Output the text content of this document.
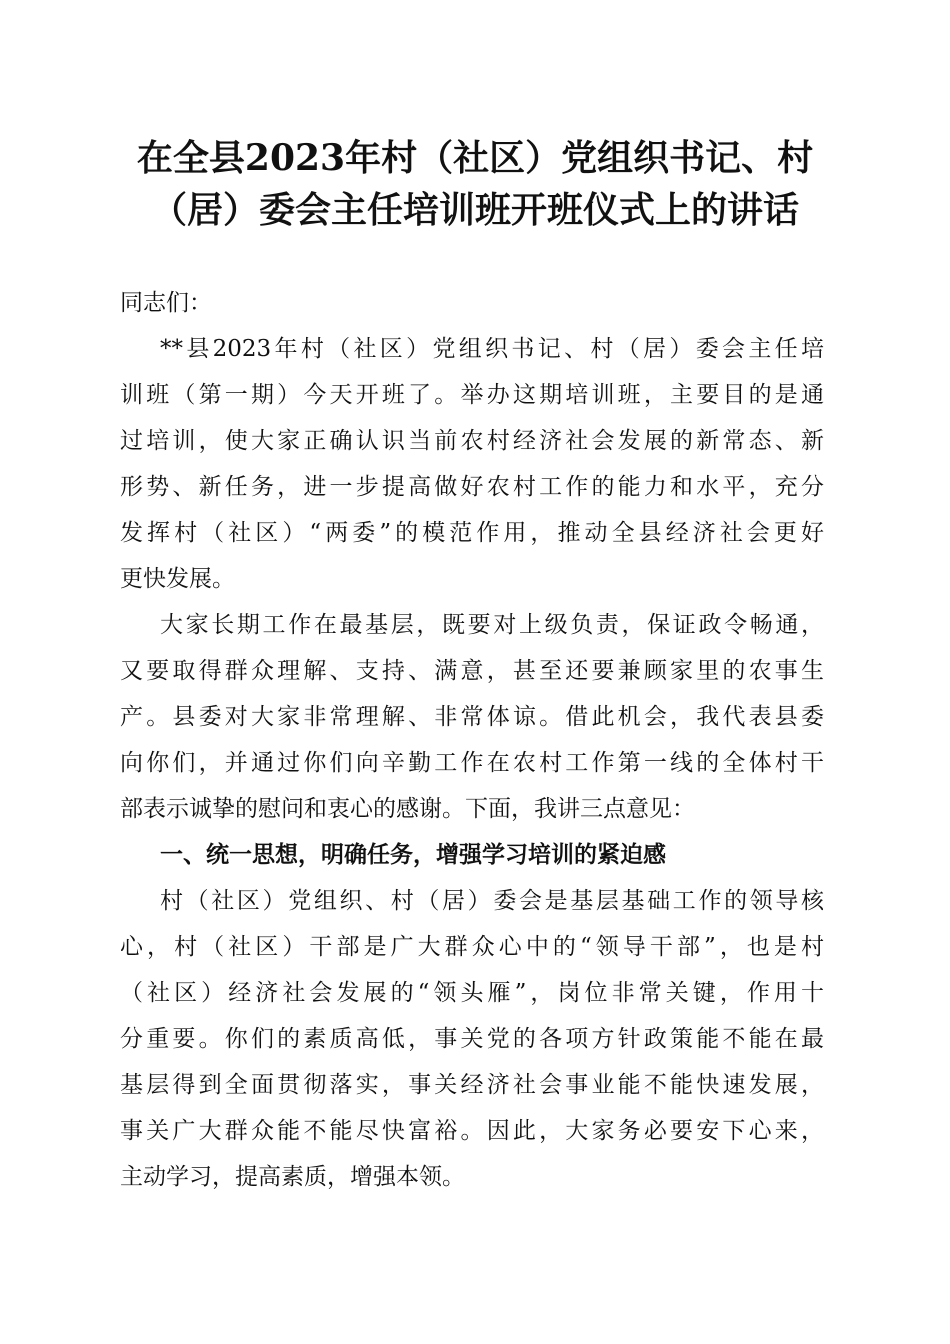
在全县2023年村（社区）党组织书记、村
（居）委会主任培训班开班仪式上的讲话

同志们：

**县2023年村（社区）党组织书记、村（居）委会主任培
训班（第一期）今天开班了。举办这期培训班，主要目的是通
过培训，使大家正确认识当前农村经济社会发展的新常态、新
形势、新任务，进一步提高做好农村工作的能力和水平，充分
发挥村（社区）“两委”的模范作用，推动全县经济社会更好
更快发展。
大家长期工作在最基层，既要对上级负责，保证政令畅通，
又要取得群众理解、支持、满意，甚至还要兼顾家里的农事生
产。县委对大家非常理解、非常体谅。借此机会，我代表县委
向你们，并通过你们向辛勤工作在农村工作第一线的全体村干
部表示诚挚的慰问和衷心的感谢。下面，我讲三点意见：

一、统一思想，明确任务，增强学习培训的紧迫感

村（社区）党组织、村（居）委会是基层基础工作的领导核
心，村（社区）干部是广大群众心中的“领导干部”，也是村
（社区）经济社会发展的“领头雁”，岗位非常关键，作用十
分重要。你们的素质高低，事关党的各项方针政策能不能在最
基层得到全面贯彻落实，事关经济社会事业能不能快速发展，
事关广大群众能不能尽快富裕。因此，大家务必要安下心来，
主动学习，提高素质，增强本领。
